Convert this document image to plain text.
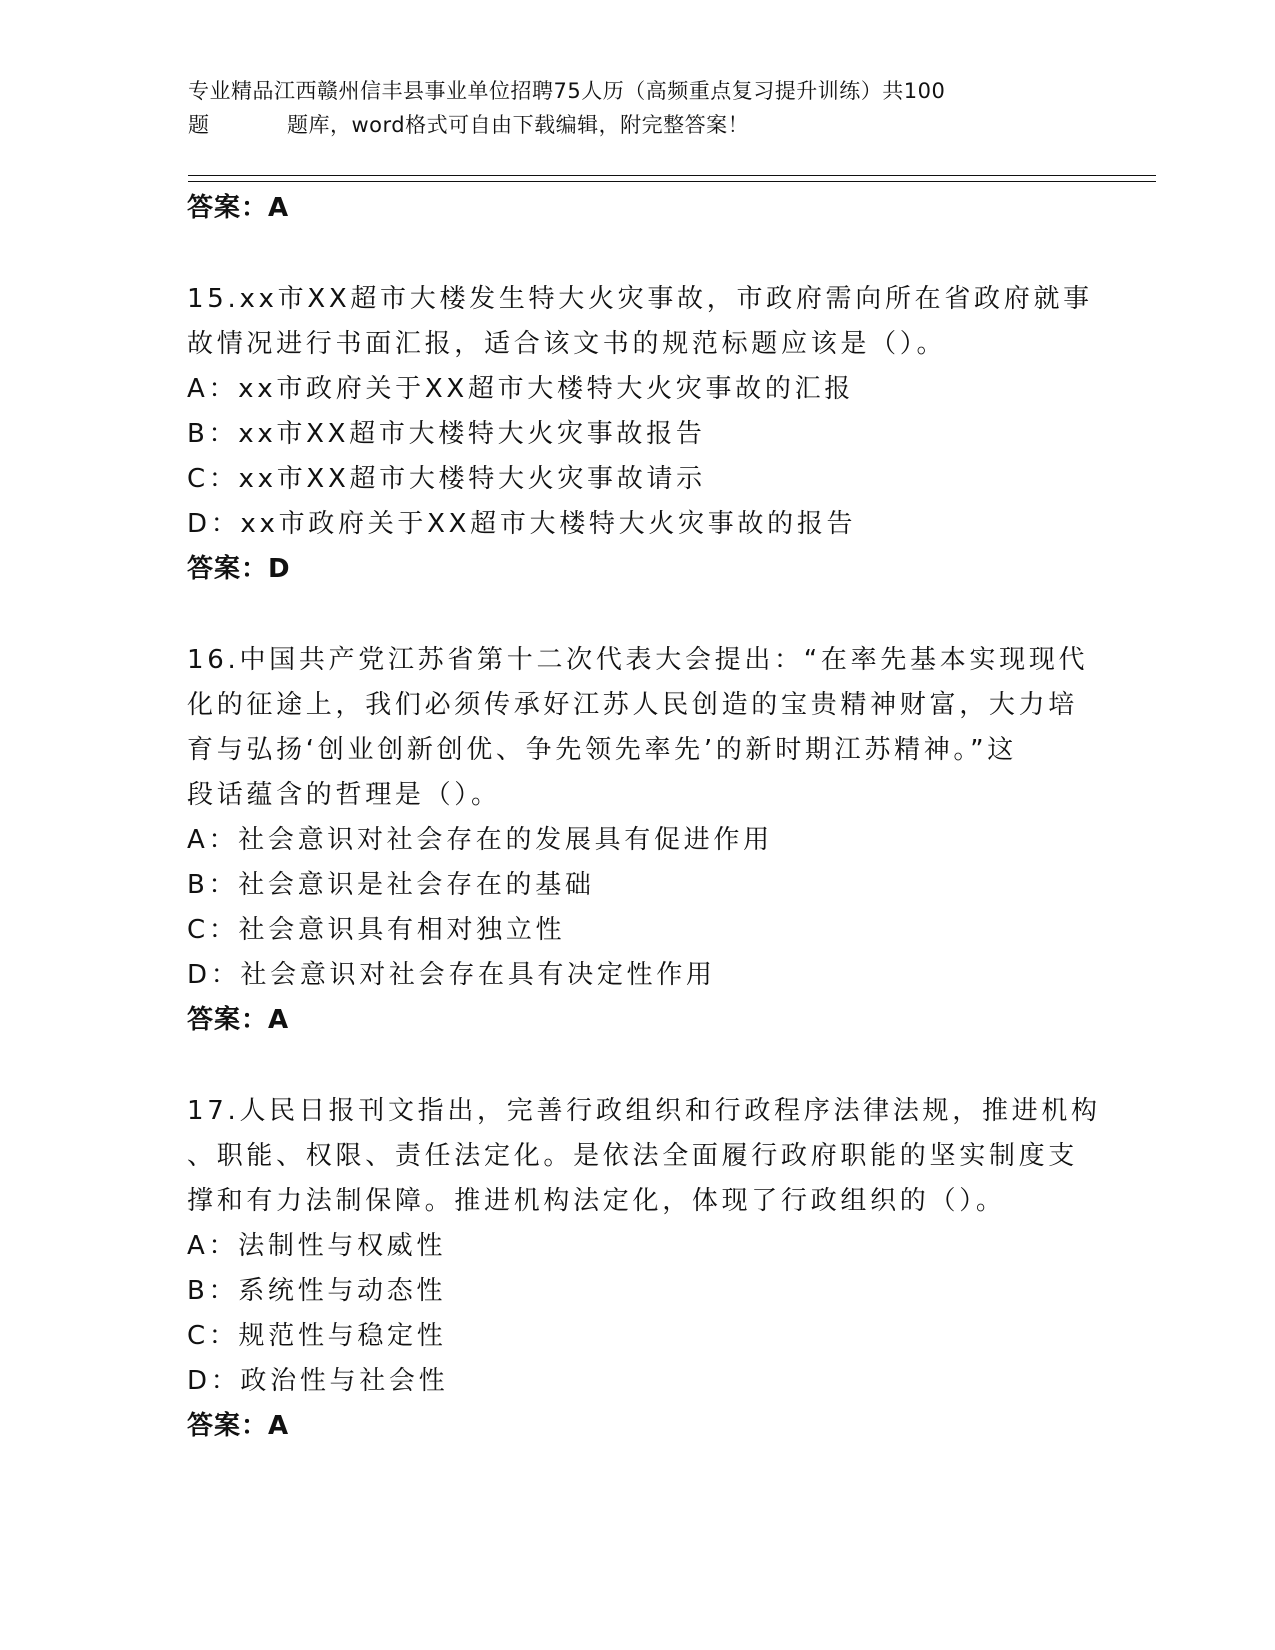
专业精品江西赣州信丰县事业单位招聘75人历（高频重点复习提升训练）共100
题	题库，word格式可自由下载编辑，附完整答案！
答案：A
15.xx市XX超市大楼发生特大火灾事故，市政府需向所在省政府就事
故情况进行书面汇报，适合该文书的规范标题应该是（）。
A：xx市政府关于XX超市大楼特大火灾事故的汇报
B：xx市XX超市大楼特大火灾事故报告
C：xx市XX超市大楼特大火灾事故请示
D：xx市政府关于XX超市大楼特大火灾事故的报告
答案：D
16.中国共产党江苏省第十二次代表大会提出：“在率先基本实现现代
化的征途上，我们必须传承好江苏人民创造的宝贵精神财富，大力培
育与弘扬‘创业创新创优、争先领先率先’的新时期江苏精神。”这
段话蕴含的哲理是（）。
A：社会意识对社会存在的发展具有促进作用
B：社会意识是社会存在的基础
C：社会意识具有相对独立性
D：社会意识对社会存在具有决定性作用
答案：A
17.人民日报刊文指出，完善行政组织和行政程序法律法规，推进机构
、职能、权限、责任法定化。是依法全面履行政府职能的坚实制度支
撑和有力法制保障。推进机构法定化，体现了行政组织的（）。
A：法制性与权威性
B：系统性与动态性
C：规范性与稳定性
D：政治性与社会性
答案：A
